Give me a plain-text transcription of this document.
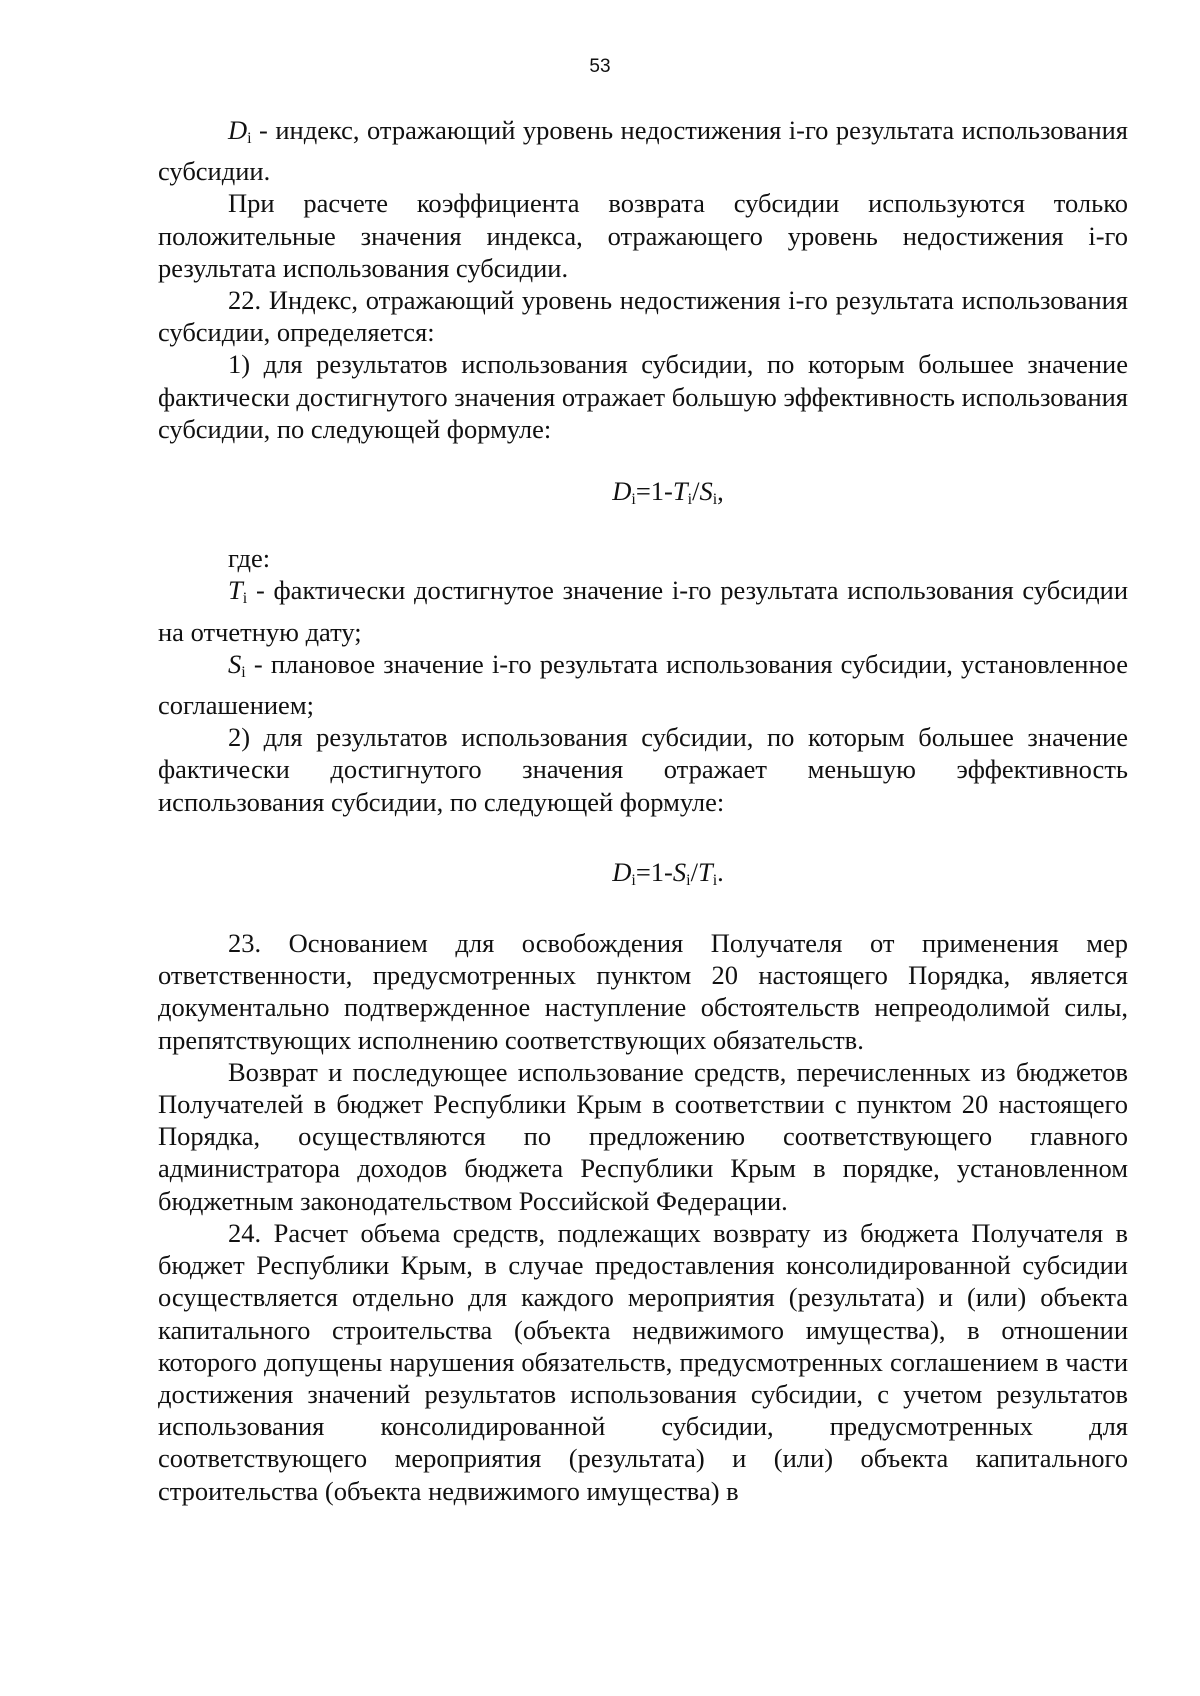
53

$D_i$ - индекс, отражающий уровень недостижения i-го результата использования субсидии.

При расчете коэффициента возврата субсидии используются только положительные значения индекса, отражающего уровень недостижения i-го результата использования субсидии.

22. Индекс, отражающий уровень недостижения i-го результата использования субсидии, определяется:

1) для результатов использования субсидии, по которым большее значение фактически достигнутого значения отражает большую эффективность использования субсидии, по следующей формуле:

$D_i=1-T_i/S_i$,

где:

$T_i$ - фактически достигнутое значение i-го результата использования субсидии на отчетную дату;

$S_i$ - плановое значение i-го результата использования субсидии, установленное соглашением;

2) для результатов использования субсидии, по которым большее значение фактически достигнутого значения отражает меньшую эффективность использования субсидии, по следующей формуле:

$D_i=1-S_i/T_i$.

23. Основанием для освобождения Получателя от применения мер ответственности, предусмотренных пунктом 20 настоящего Порядка, является документально подтвержденное наступление обстоятельств непреодолимой силы, препятствующих исполнению соответствующих обязательств.

Возврат и последующее использование средств, перечисленных из бюджетов Получателей в бюджет Республики Крым в соответствии с пунктом 20 настоящего Порядка, осуществляются по предложению соответствующего главного администратора доходов бюджета Республики Крым в порядке, установленном бюджетным законодательством Российской Федерации.

24. Расчет объема средств, подлежащих возврату из бюджета Получателя в бюджет Республики Крым, в случае предоставления консолидированной субсидии осуществляется отдельно для каждого мероприятия (результата) и (или) объекта капитального строительства (объекта недвижимого имущества), в отношении которого допущены нарушения обязательств, предусмотренных соглашением в части достижения значений результатов использования субсидии, с учетом результатов использования консолидированной субсидии, предусмотренных для соответствующего мероприятия (результата) и (или) объекта капитального строительства (объекта недвижимого имущества) в
